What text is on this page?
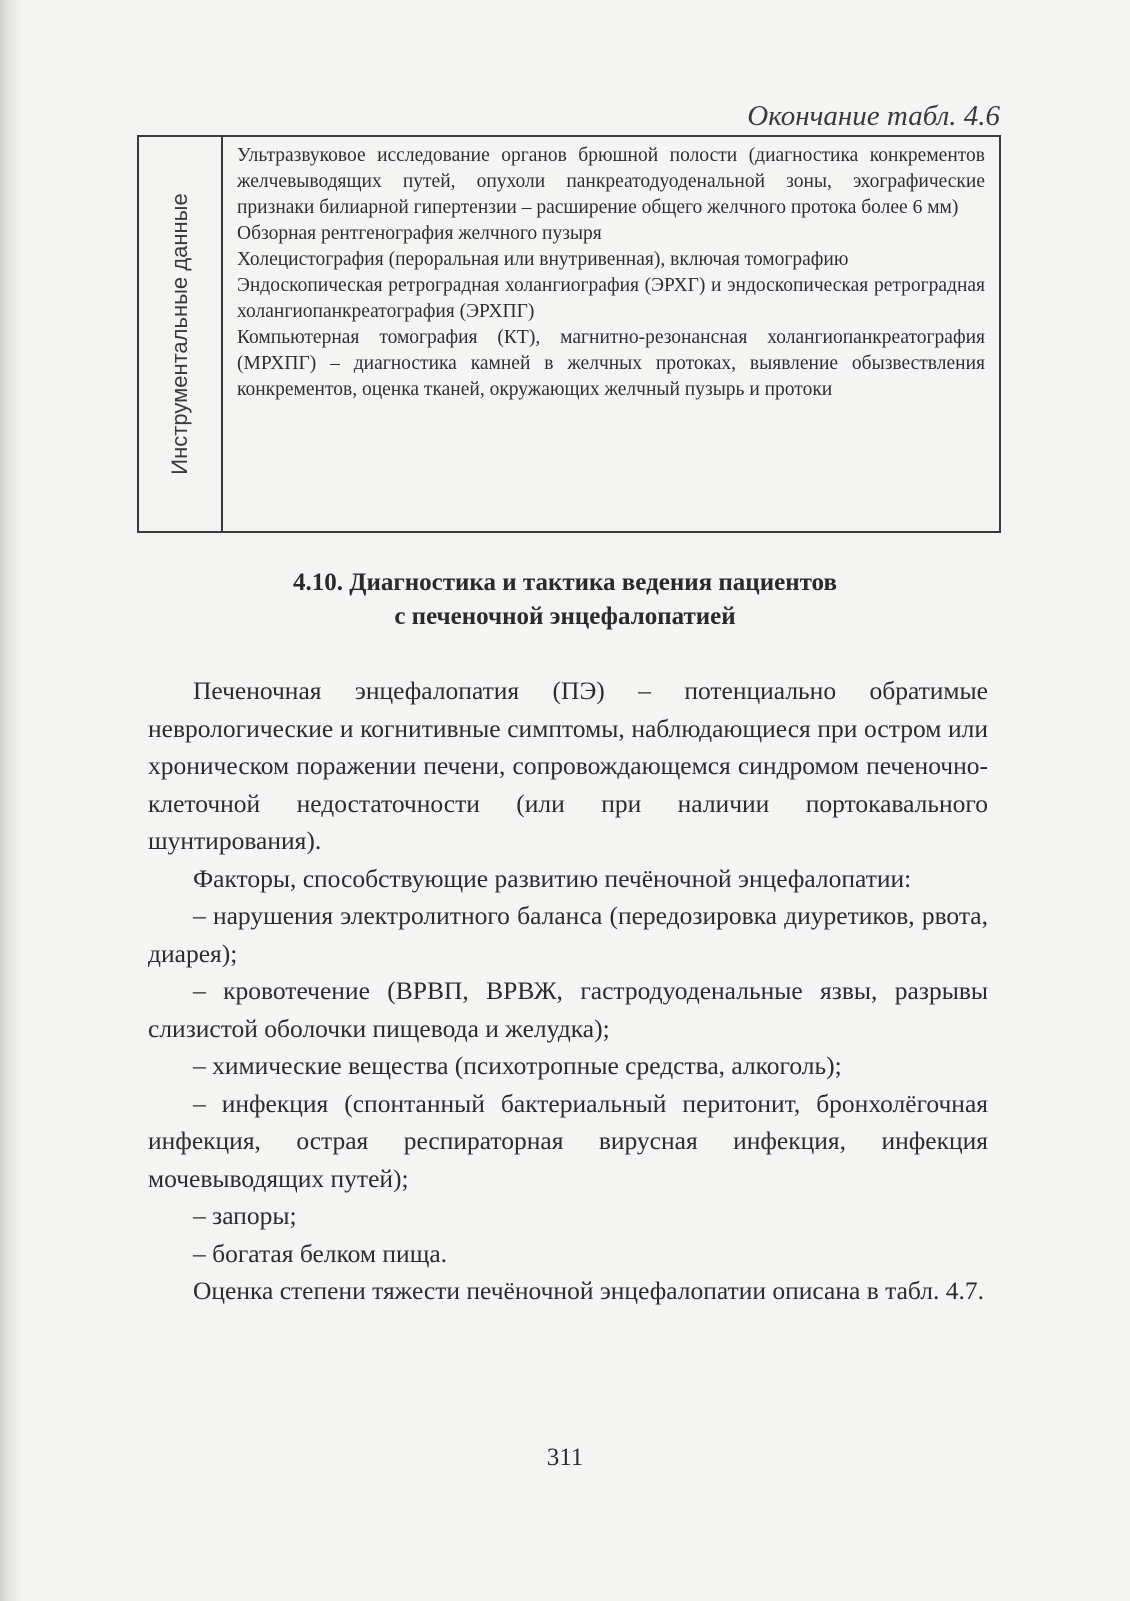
Окончание табл. 4.6
Инструментальные данные

Ультразвуковое исследование органов брюшной полости (диагностика конкрементов желчевыводящих путей, опухоли панкреатодуоденальной зоны, эхографические признаки билиарной гипертензии – расширение общего желчного протока более 6 мм)

Обзорная рентгенография желчного пузыря

Холецистография (пероральная или внутривенная), включая томографию

Эндоскопическая ретроградная холангиография (ЭРХГ) и эндоскопическая ретроградная холангиопанкреатография (ЭРХПГ)

Компьютерная томография (КТ), магнитно-резонансная холангиопанкреатография (МРХПГ) – диагностика камней в желчных протоках, выявление обызвествления конкрементов, оценка тканей, окружающих желчный пузырь и протоки

4.10. Диагностика и тактика ведения пациентов
с печеночной энцефалопатией

Печеночная энцефалопатия (ПЭ) – потенциально обратимые неврологические и когнитивные симптомы, наблюдающиеся при остром или хроническом поражении печени, сопровождающемся синдромом печеночно-клеточной недостаточности (или при наличии портокавального шунтирования).

Факторы, способствующие развитию печёночной энцефалопатии:

– нарушения электролитного баланса (передозировка диуретиков, рвота, диарея);

– кровотечение (ВРВП, ВРВЖ, гастродуоденальные язвы, разрывы слизистой оболочки пищевода и желудка);

– химические вещества (психотропные средства, алкоголь);

– инфекция (спонтанный бактериальный перитонит, бронхолёгочная инфекция, острая респираторная вирусная инфекция, инфекция мочевыводящих путей);

– запоры;

– богатая белком пища.

Оценка степени тяжести печёночной энцефалопатии описана в табл. 4.7.

311
